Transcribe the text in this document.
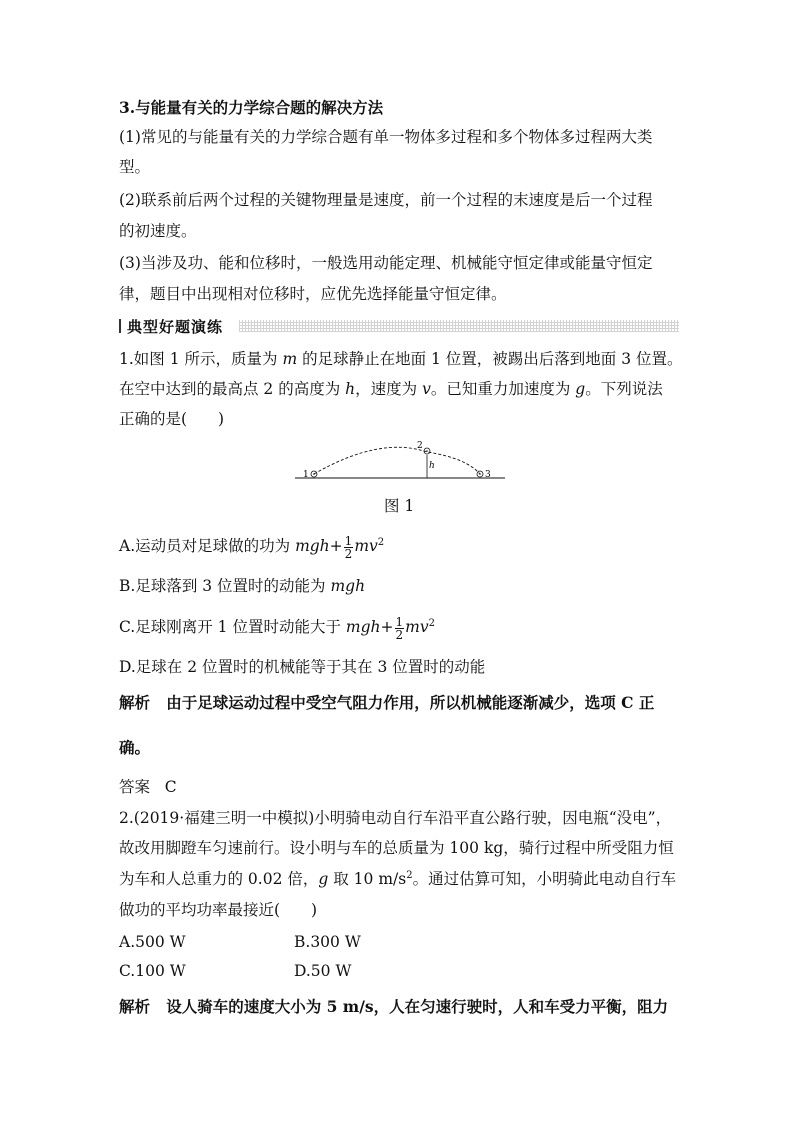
3.与能量有关的力学综合题的解决方法
(1)常见的与能量有关的力学综合题有单一物体多过程和多个物体多过程两大类
型。
(2)联系前后两个过程的关键物理量是速度，前一个过程的末速度是后一个过程
的初速度。
(3)当涉及功、能和位移时，一般选用动能定理、机械能守恒定律或能量守恒定
律，题目中出现相对位移时，应优先选择能量守恒定律。
典型好题演练
1.如图 1 所示，质量为 m 的足球静止在地面 1 位置，被踢出后落到地面 3 位置。
在空中达到的最高点 2 的高度为 h，速度为 v。已知重力加速度为 g。下列说法
正确的是(　　)
1
2
3
h
图 1
A.运动员对足球做的功为 $mgh+ \frac{1}{2} mv^2$
B.足球落到 3 位置时的动能为 mgh
C.足球刚离开 1 位置时动能大于 $mgh+ \frac{1}{2} mv^2$
D.足球在 2 位置时的机械能等于其在 3 位置时的动能
解析 由于足球运动过程中受空气阻力作用，所以机械能逐渐减少，选项 C 正
确。
答案 C
2.(2019·福建三明一中模拟)小明骑电动自行车沿平直公路行驶，因电瓶“没电”，
故改用脚蹬车匀速前行。设小明与车的总质量为 100 kg，骑行过程中所受阻力恒
为车和人总重力的 0.02 倍，g 取 10 $m/s^2$。通过估算可知，小明骑此电动自行车
做功的平均功率最接近(　　)
A.500 W	B.300 W
C.100 W	D.50 W
解析 设人骑车的速度大小为 5 m/s，人在匀速行驶时，人和车受力平衡，阻力
